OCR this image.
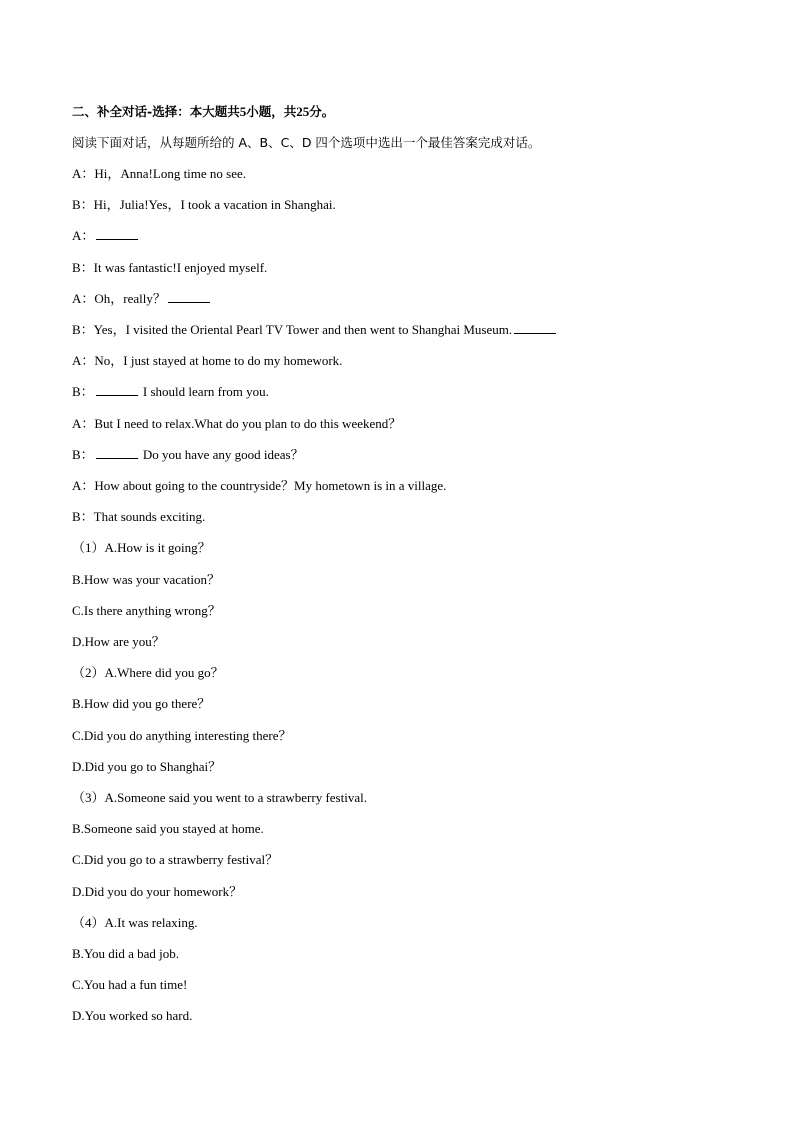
二、补全对话-选择：本大题共5小题，共25分。
阅读下面对话，从每题所给的 A、B、C、D 四个选项中选出一个最佳答案完成对话。
A：Hi，Anna!Long time no see.
B：Hi，Julia!Yes，I took a vacation in Shanghai.
A：
B：It was fantastic!I enjoyed myself.
A：Oh，really？
B：Yes，I visited the Oriental Pearl TV Tower and then went to Shanghai Museum.
A：No，I just stayed at home to do my homework.
B：	I should learn from you.
A：But I need to relax.What do you plan to do this weekend？
B：	Do you have any good ideas？
A：How about going to the countryside？My hometown is in a village.
B：That sounds exciting.
（1）A.How is it going？
B.How was your vacation？
C.Is there anything wrong？
D.How are you？
（2）A.Where did you go？
B.How did you go there？
C.Did you do anything interesting there？
D.Did you go to Shanghai？
（3）A.Someone said you went to a strawberry festival.
B.Someone said you stayed at home.
C.Did you go to a strawberry festival？
D.Did you do your homework？
（4）A.It was relaxing.
B.You did a bad job.
C.You had a fun time!
D.You worked so hard.
